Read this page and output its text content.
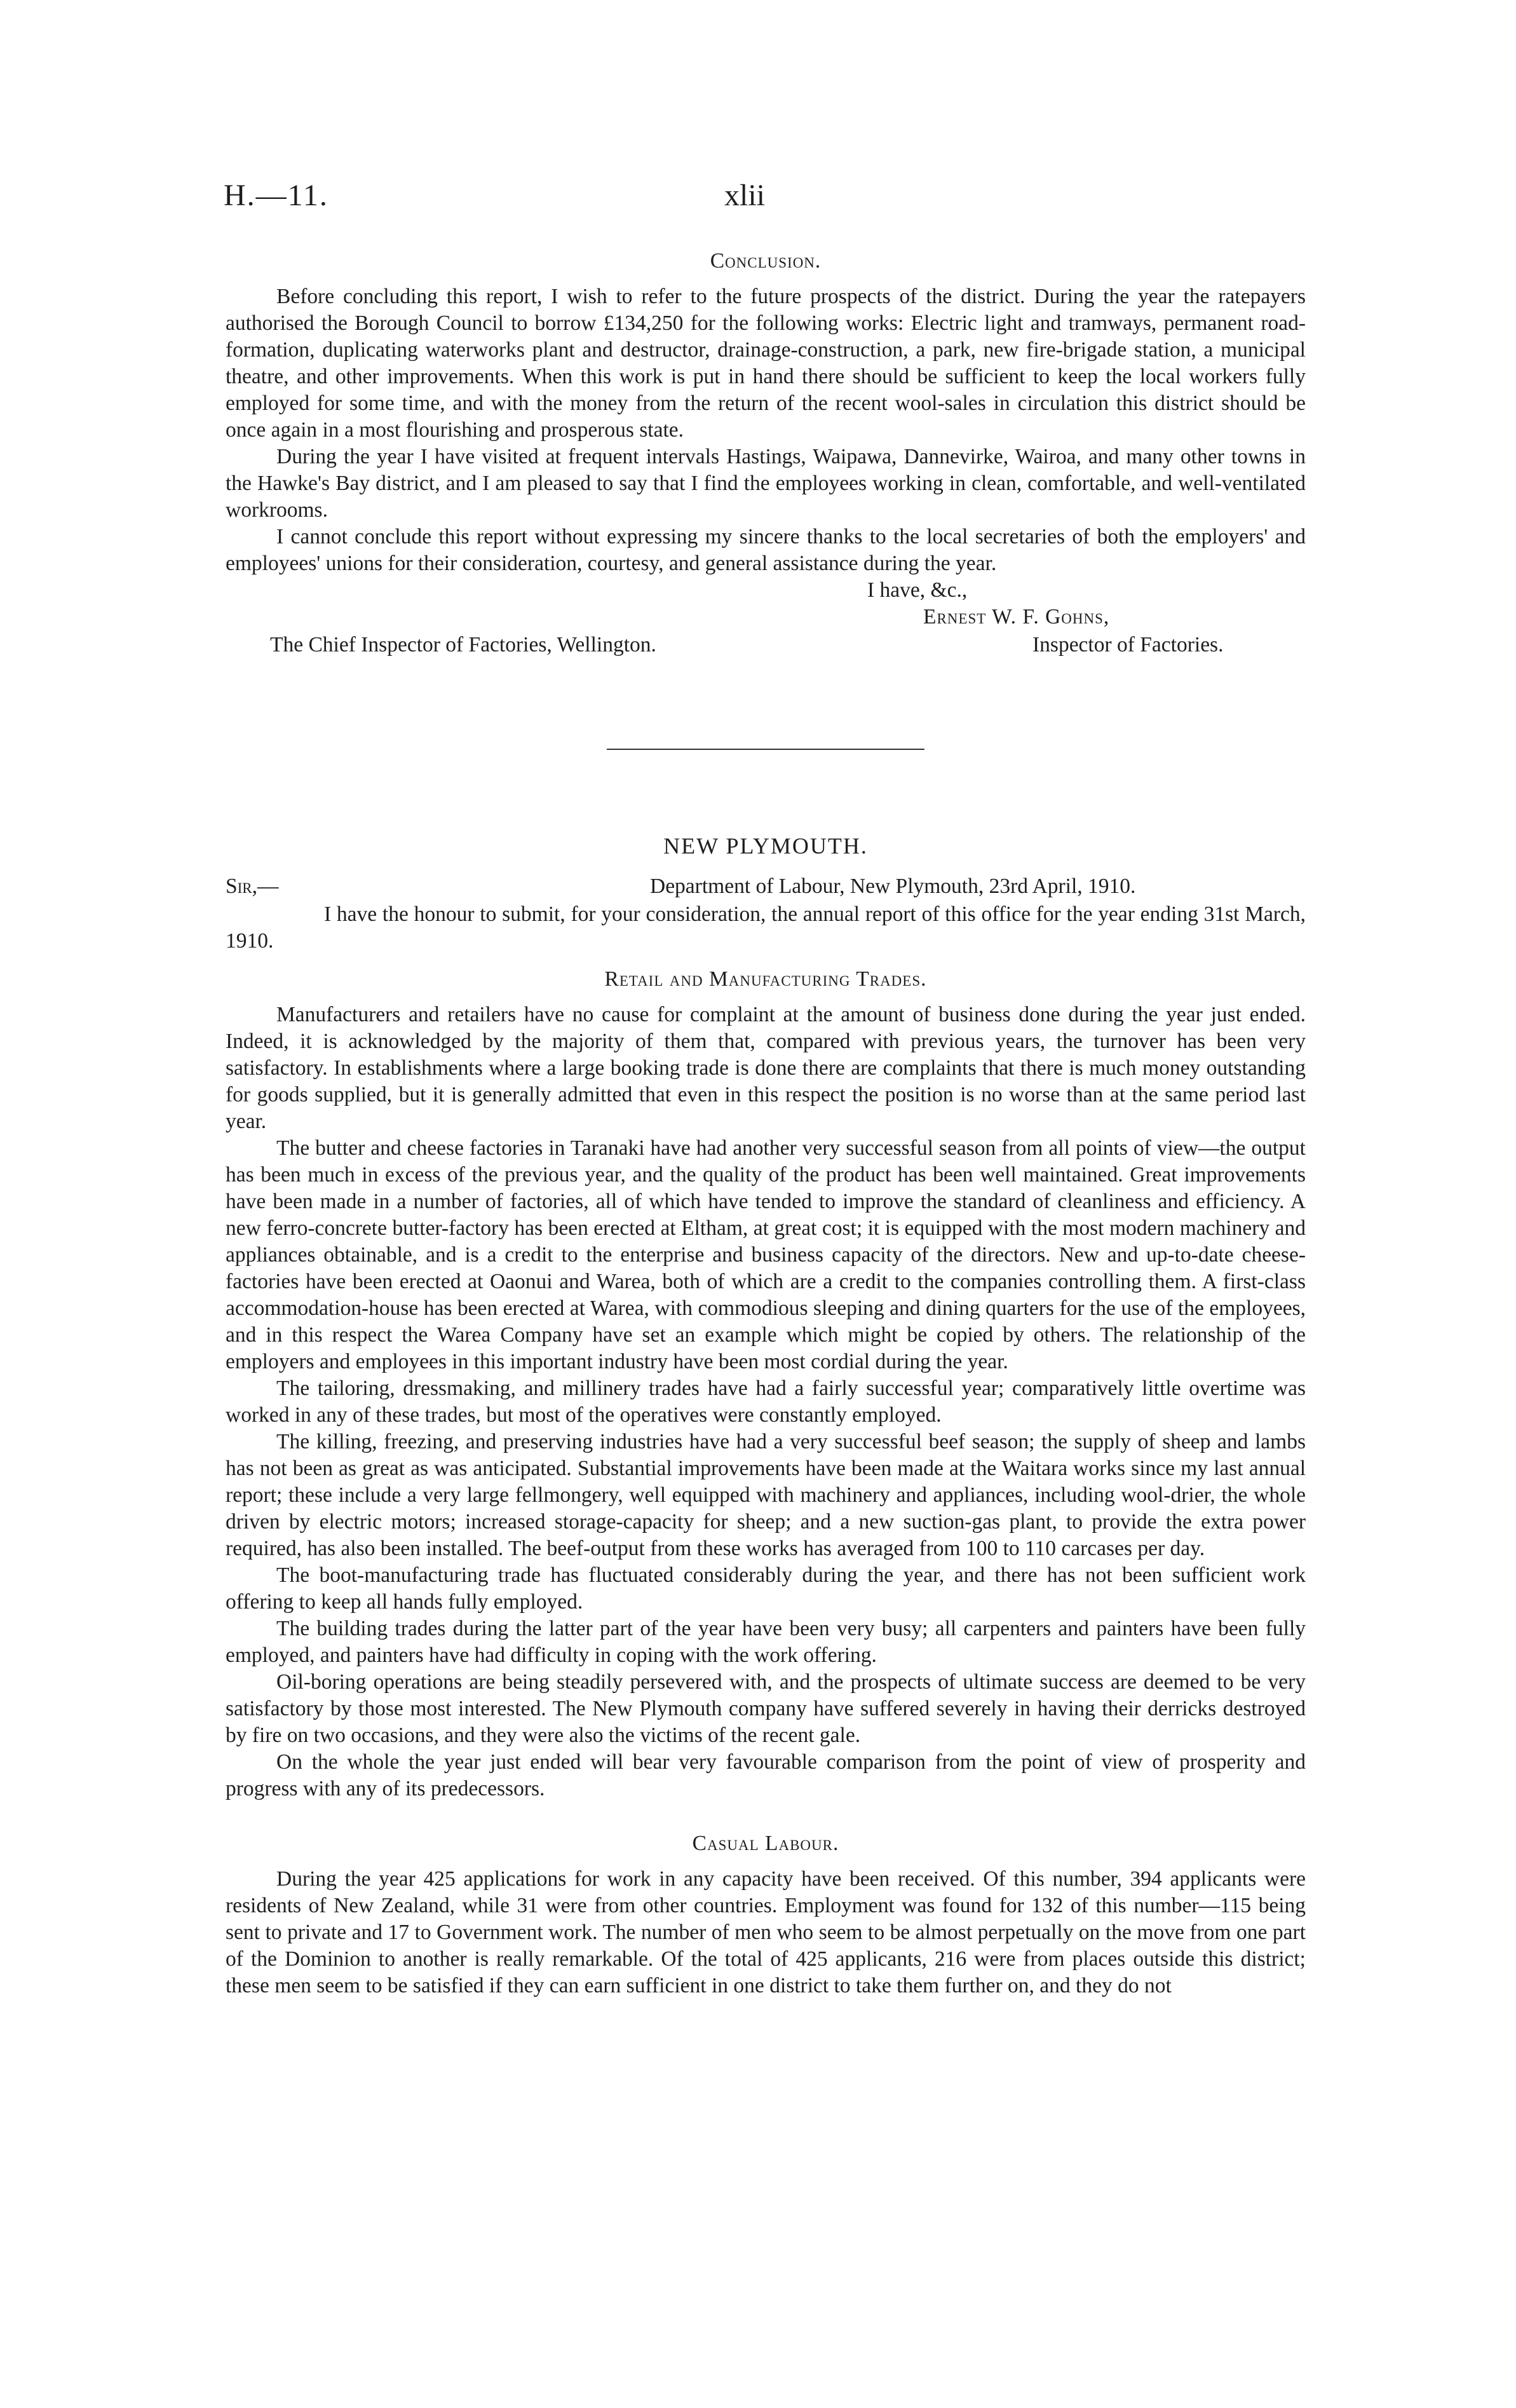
H.—11.	xlii
Conclusion.

Before concluding this report, I wish to refer to the future prospects of the district. During the year the ratepayers authorised the Borough Council to borrow £134,250 for the following works: Electric light and tramways, permanent road-formation, duplicating waterworks plant and destructor, drainage-construction, a park, new fire-brigade station, a municipal theatre, and other improvements. When this work is put in hand there should be sufficient to keep the local workers fully employed for some time, and with the money from the return of the recent wool-sales in circulation this district should be once again in a most flourishing and prosperous state.

During the year I have visited at frequent intervals Hastings, Waipawa, Dannevirke, Wairoa, and many other towns in the Hawke's Bay district, and I am pleased to say that I find the employees working in clean, comfortable, and well-ventilated workrooms.

I cannot conclude this report without expressing my sincere thanks to the local secretaries of both the employers' and employees' unions for their consideration, courtesy, and general assistance during the year.

I have, &c.,
Ernest W. F. Gohns,
The Chief Inspector of Factories, Wellington.	Inspector of Factories.
NEW PLYMOUTH.
Sir,—	Department of Labour, New Plymouth, 23rd April, 1910.

I have the honour to submit, for your consideration, the annual report of this office for the year ending 31st March, 1910.

Retail and Manufacturing Trades.

Manufacturers and retailers have no cause for complaint at the amount of business done during the year just ended. Indeed, it is acknowledged by the majority of them that, compared with previous years, the turnover has been very satisfactory. In establishments where a large booking trade is done there are complaints that there is much money outstanding for goods supplied, but it is generally admitted that even in this respect the position is no worse than at the same period last year.

The butter and cheese factories in Taranaki have had another very successful season from all points of view—the output has been much in excess of the previous year, and the quality of the product has been well maintained. Great improvements have been made in a number of factories, all of which have tended to improve the standard of cleanliness and efficiency. A new ferro-concrete butter-factory has been erected at Eltham, at great cost; it is equipped with the most modern machinery and appliances obtainable, and is a credit to the enterprise and business capacity of the directors. New and up-to-date cheese-factories have been erected at Oaonui and Warea, both of which are a credit to the companies controlling them. A first-class accommodation-house has been erected at Warea, with commodious sleeping and dining quarters for the use of the employees, and in this respect the Warea Company have set an example which might be copied by others. The relationship of the employers and employees in this important industry have been most cordial during the year.

The tailoring, dressmaking, and millinery trades have had a fairly successful year; comparatively little overtime was worked in any of these trades, but most of the operatives were constantly employed.

The killing, freezing, and preserving industries have had a very successful beef season; the supply of sheep and lambs has not been as great as was anticipated. Substantial improvements have been made at the Waitara works since my last annual report; these include a very large fellmongery, well equipped with machinery and appliances, including wool-drier, the whole driven by electric motors; increased storage-capacity for sheep; and a new suction-gas plant, to provide the extra power required, has also been installed. The beef-output from these works has averaged from 100 to 110 carcases per day.

The boot-manufacturing trade has fluctuated considerably during the year, and there has not been sufficient work offering to keep all hands fully employed.

The building trades during the latter part of the year have been very busy; all carpenters and painters have been fully employed, and painters have had difficulty in coping with the work offering.

Oil-boring operations are being steadily persevered with, and the prospects of ultimate success are deemed to be very satisfactory by those most interested. The New Plymouth company have suffered severely in having their derricks destroyed by fire on two occasions, and they were also the victims of the recent gale.

On the whole the year just ended will bear very favourable comparison from the point of view of prosperity and progress with any of its predecessors.

Casual Labour.

During the year 425 applications for work in any capacity have been received. Of this number, 394 applicants were residents of New Zealand, while 31 were from other countries. Employment was found for 132 of this number—115 being sent to private and 17 to Government work. The number of men who seem to be almost perpetually on the move from one part of the Dominion to another is really remarkable. Of the total of 425 applicants, 216 were from places outside this district; these men seem to be satisfied if they can earn sufficient in one district to take them further on, and they do not
